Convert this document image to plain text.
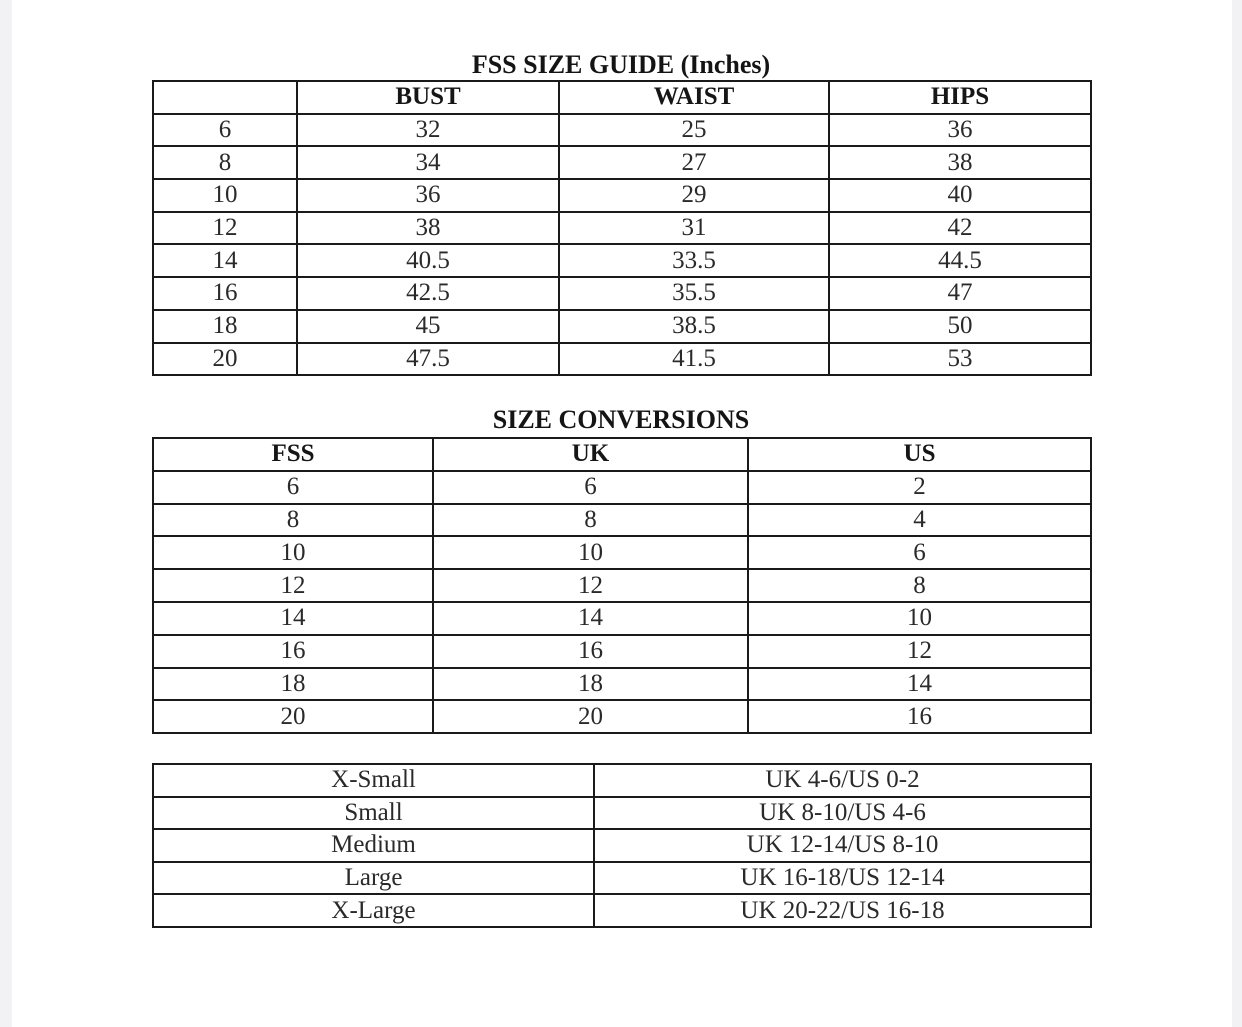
FSS SIZE GUIDE (Inches)
	BUST	WAIST	HIPS
6	32	25	36
8	34	27	38
10	36	29	40
12	38	31	42
14	40.5	33.5	44.5
16	42.5	35.5	47
18	45	38.5	50
20	47.5	41.5	53
SIZE CONVERSIONS
FSS	UK	US
6	6	2
8	8	4
10	10	6
12	12	8
14	14	10
16	16	12
18	18	14
20	20	16
X-Small	UK 4-6/US 0-2
Small	UK 8-10/US 4-6
Medium	UK 12-14/US 8-10
Large	UK 16-18/US 12-14
X-Large	UK 20-22/US 16-18
